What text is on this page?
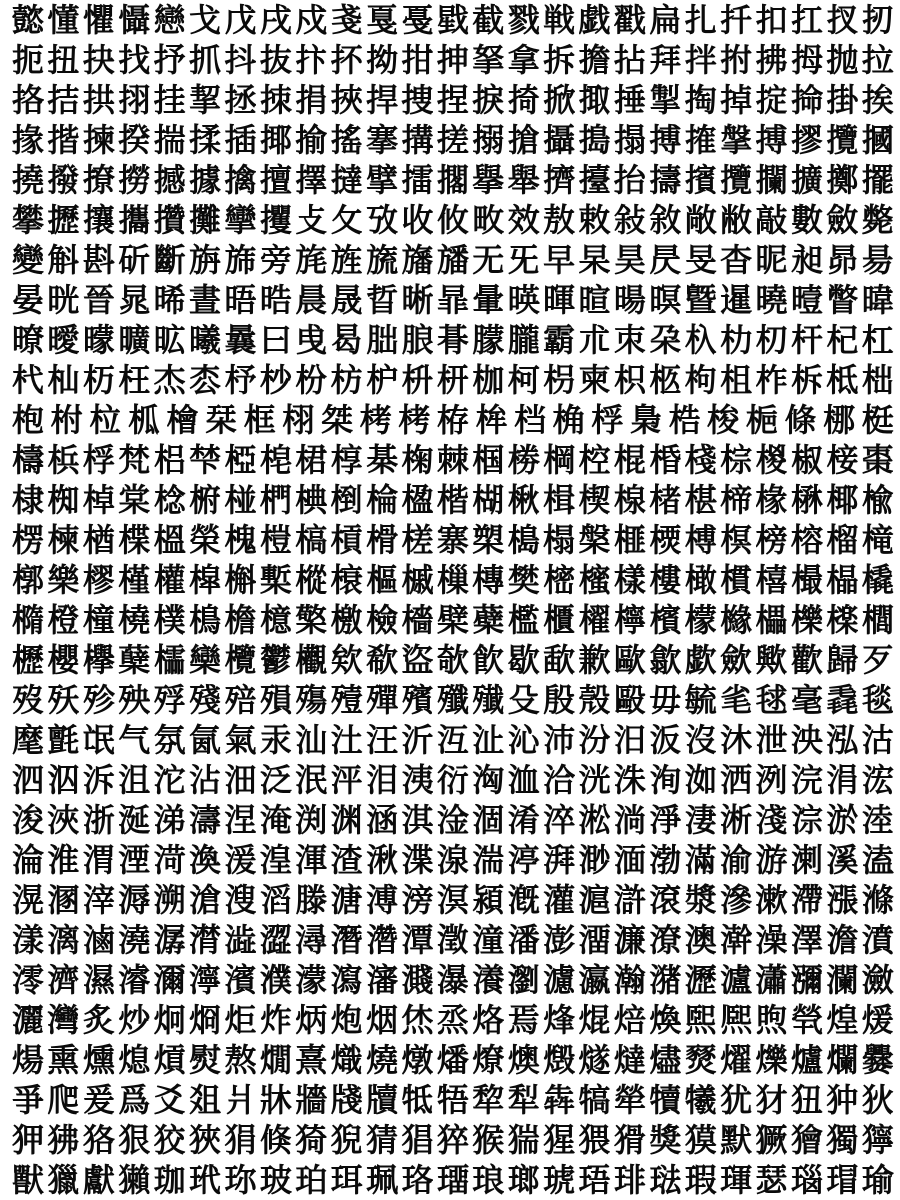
懿 懂 懼 懾 戀 戈 戊 戌 戍 戔 戛 戞 戥 截 戮 戦 戯 戳 扁 扎 扦 扣 扛 扠 扨
扼 扭 抉 找 抒 抓 抖 抜 抃 抔 拗 拑 抻 拏 拿 拆 擔 拈 拜 拌 拊 拂 拇 抛 拉
挌 拮 拱 挧 挂 挈 拯 拺 捐 挾 捍 捜 捏 捩 掎 掀 掫 捶 掣 掏 掉 掟 掵 掛 挨
掾 揩 揀 揆 揣 揉 插 揶 揄 搖 搴 搆 搓 搦 搶 攝 搗 搨 搏 搉 搫 搏 摎 攬 摑
撓 撥 撩 撈 撼 據 擒 擅 擇 撻 擘 擂 擱 擧 舉 擠 擡 抬 擣 擯 攬 攔 擴 擲 擺
攀 攊 攘 攜 攢 攤 攣 攫 攴 攵 攷 收 攸 畋 效 敖 敕 敍 敘 敞 敝 敲 數 斂 斃
變 斛 斟 斫 斷 旃 旆 旁 旄 旌 旒 旛 旙 无 旡 早 杲 昊 昃 旻 杳 昵 昶 昴 昜
晏 晄 晉 晁 晞 晝 晤 晧 晨 晟 晢 晰 暃 暈 暎 暉 暄 暘 暝 曁 暹 曉 曀 瞥 暐
暸 曖 曚 曠 昿 曦 曩 曰 曵 曷 朏 朖 朞 朦 朧 霸 朮 朿 朶 杁 朸 朷 杆 杞 杠
杙 杣 杤 枉 杰 枩 杼 杪 枌 枋 枦 枡 枅 枷 柯 枴 柬 枳 柩 枸 柤 柞 柝 柢 柮
枹 柎 柆 柧 檜 栞 框 栩 桀 栲 栲 栫 桙 档 桷 桴 梟 梏 梭 梔 條 梛 梃
檮 梹 桴 梵 梠 梺 椏 梍 桾 椁 棊 椈 棘 椢 椦 棡 椌 棍 棔 棧 棕 椶 椒 椄 棗
棣 椥 棹 棠 棯 椨 椪 椚 椣 椡 棆 楹 楷 楜 楸 楫 楔 楾 楮 椹 楴 椽 楙 椰 楡
楞 楝 楢 楪 榲 榮 槐 榿 槁 槓 榾 槎 寨 槊 槝 榻 槃 榧 樮 榑 榠 榜 榕 榴 槞
槨 樂 樛 槿 權 槹 槲 槧 樅 榱 樞 槭 樔 槫 樊 樒 櫁 樣 樓 橄 樌 橲 樶 橸 橇
橢 橙 橦 橈 樸 樢 檐 檍 檠 檄 檢 檣 檗 蘗 檻 櫃 櫂 檸 檳 檬 櫞 櫑 櫟 檪 櫚
櫪 櫻 欅 蘖 櫺 欒 欖 鬱 欟 欸 欷 盜 欹 飮 歇 歃 歉 歐 歙 歔 歛 歟 歡 歸 歹
歿 殀 殄 殃 殍 殘 殕 殞 殤 殪 殫 殯 殲 殱 殳 殷 殼 毆 毋 毓 毟 毬 毫 毳 毯
麾 氈 氓 气 氛 氤 氣 汞 汕 汢 汪 沂 沍 沚 沁 沛 汾 汨 汳 沒 沐 泄 泱 泓 沽
泗 泅 泝 沮 沱 沾 沺 泛 泯 泙 泪 洟 衍 洶 洫 洽 洸 洙 洵 洳 洒 洌 浣 涓 浤
浚 浹 浙 涎 涕 濤 涅 淹 渕 渊 涵 淇 淦 涸 淆 淬 淞 淌 淨 淒 淅 淺 淙 淤 淕
淪 淮 渭 湮 渮 渙 湲 湟 渾 渣 湫 渫 湶 湍 渟 湃 渺 湎 渤 滿 渝 游 溂 溪 溘
滉 溷 滓 溽 溯 滄 溲 滔 滕 溏 溥 滂 溟 潁 漑 灌 滬 滸 滾 漿 滲 漱 滯 漲 滌
漾 漓 滷 澆 潺 潸 澁 澀 潯 潛 濳 潭 澂 潼 潘 澎 澑 濂 潦 澳 澣 澡 澤 澹 濆
澪 濟 濕 濬 濔 濘 濱 濮 濛 瀉 瀋 濺 瀑 瀁 瀏 濾 瀛 瀚 潴 瀝 瀘 瀟 瀰 瀾 瀲
灑 灣 炙 炒 炯 烱 炬 炸 炳 炮 烟 烋 烝 烙 焉 烽 焜 焙 煥 煕 熈 煦 煢 煌 煖
煬 熏 燻 熄 熕 熨 熬 燗 熹 熾 燒 燉 燔 燎 燠 燬 燧 燵 燼 燹 燿 爍 爐 爛 爨
爭 爬 爰 爲 爻 爼 爿 牀 牆 牋 牘 牴 牾 犂 犁 犇 犒 犖 犢 犧 犹 犲 狃 狆 狄
狎 狒 狢 狠 狡 狹 狷 倏 猗 猊 猜 猖 猝 猴 猯 猩 猥 猾 獎 獏 默 獗 獪 獨 獰
獸 獵 獻 獺 珈 玳 珎 玻 珀 珥 珮 珞 璢 琅 瑯 琥 珸 琲 琺 瑕 琿 瑟 瑙 瑁 瑜
